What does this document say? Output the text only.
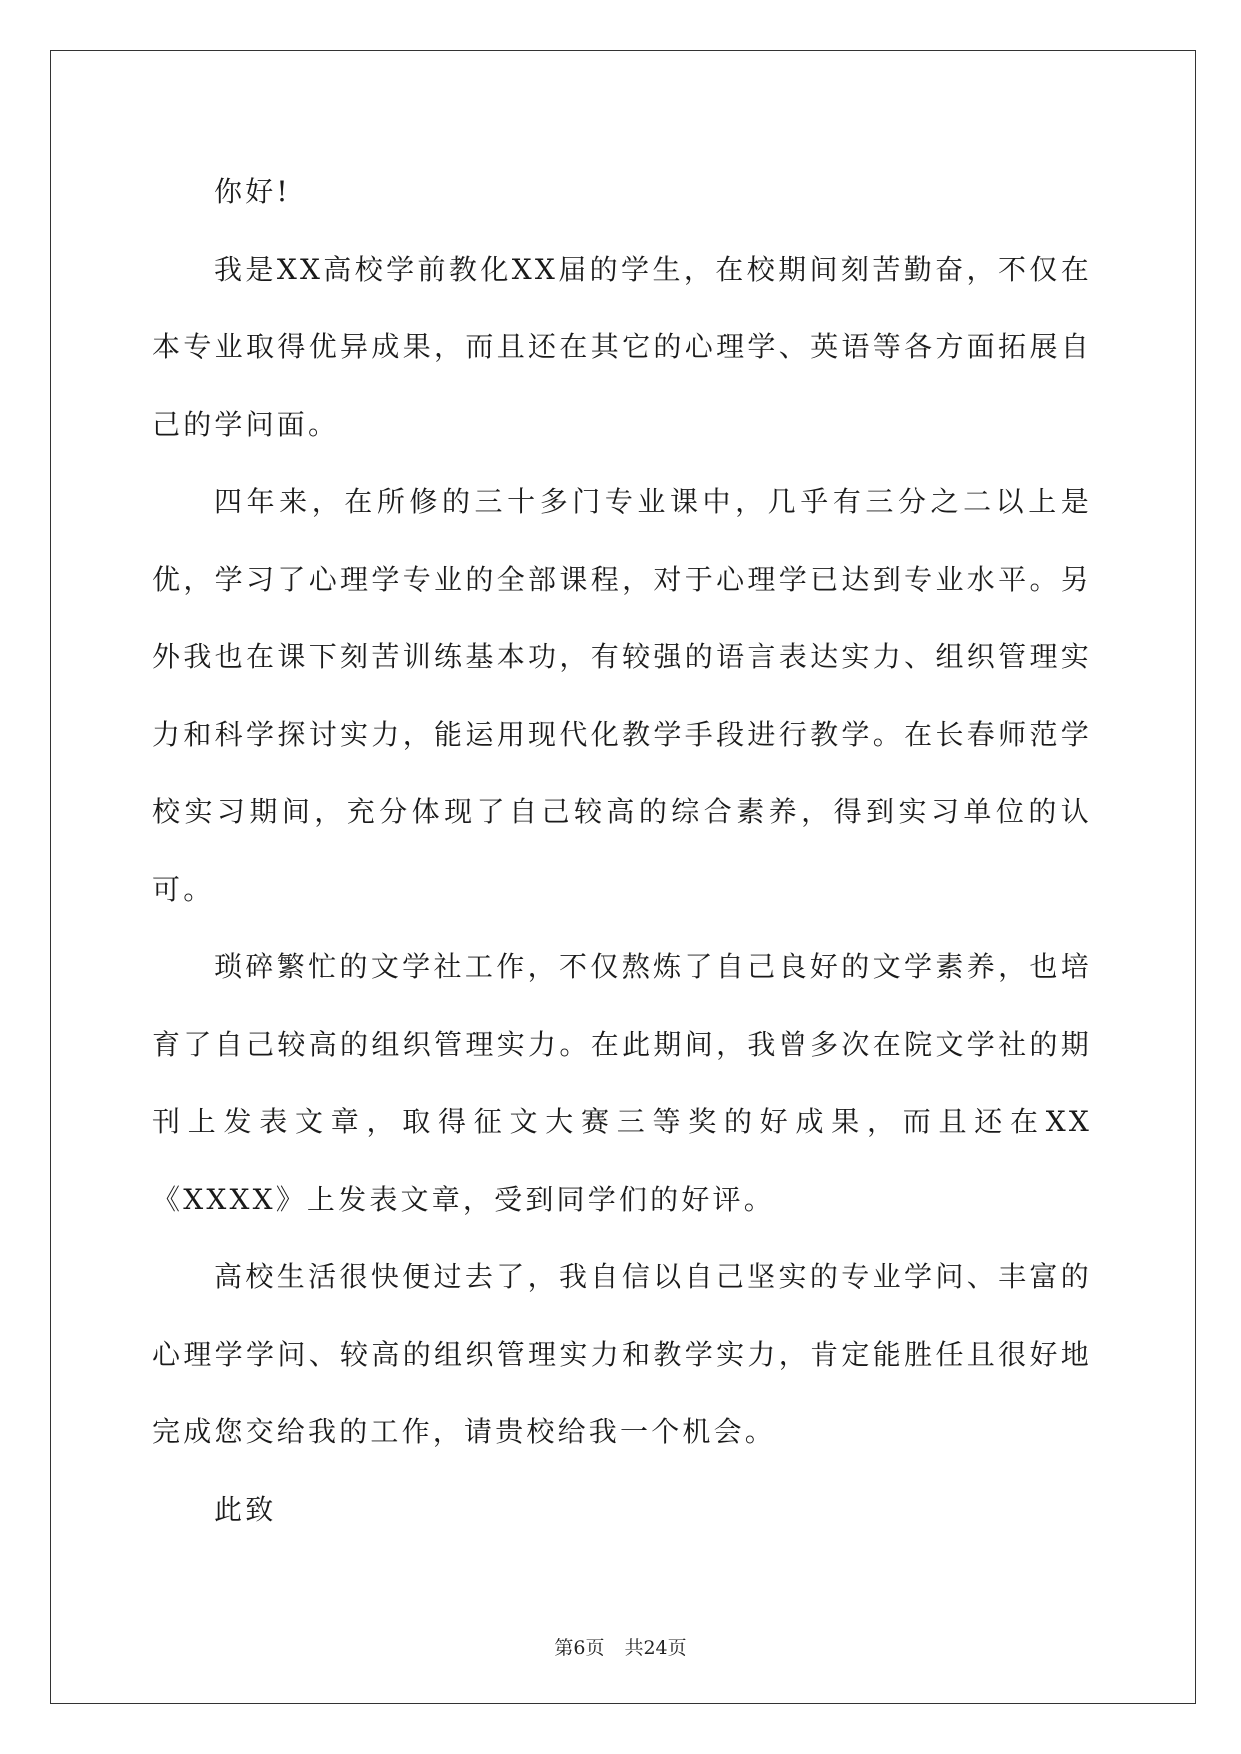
你好!

我是XX高校学前教化XX届的学生，在校期间刻苦勤奋，不仅在本专业取得优异成果，而且还在其它的心理学、英语等各方面拓展自己的学问面。

四年来，在所修的三十多门专业课中，几乎有三分之二以上是优，学习了心理学专业的全部课程，对于心理学已达到专业水平。另外我也在课下刻苦训练基本功，有较强的语言表达实力、组织管理实力和科学探讨实力，能运用现代化教学手段进行教学。在长春师范学校实习期间，充分体现了自己较高的综合素养，得到实习单位的认可。

琐碎繁忙的文学社工作，不仅熬炼了自己良好的文学素养，也培育了自己较高的组织管理实力。在此期间，我曾多次在院文学社的期刊上发表文章，取得征文大赛三等奖的好成果，而且还在XX《XXXX》上发表文章，受到同学们的好评。

高校生活很快便过去了，我自信以自己坚实的专业学问、丰富的心理学学问、较高的组织管理实力和教学实力，肯定能胜任且很好地完成您交给我的工作，请贵校给我一个机会。

此致

第6页 共24页
